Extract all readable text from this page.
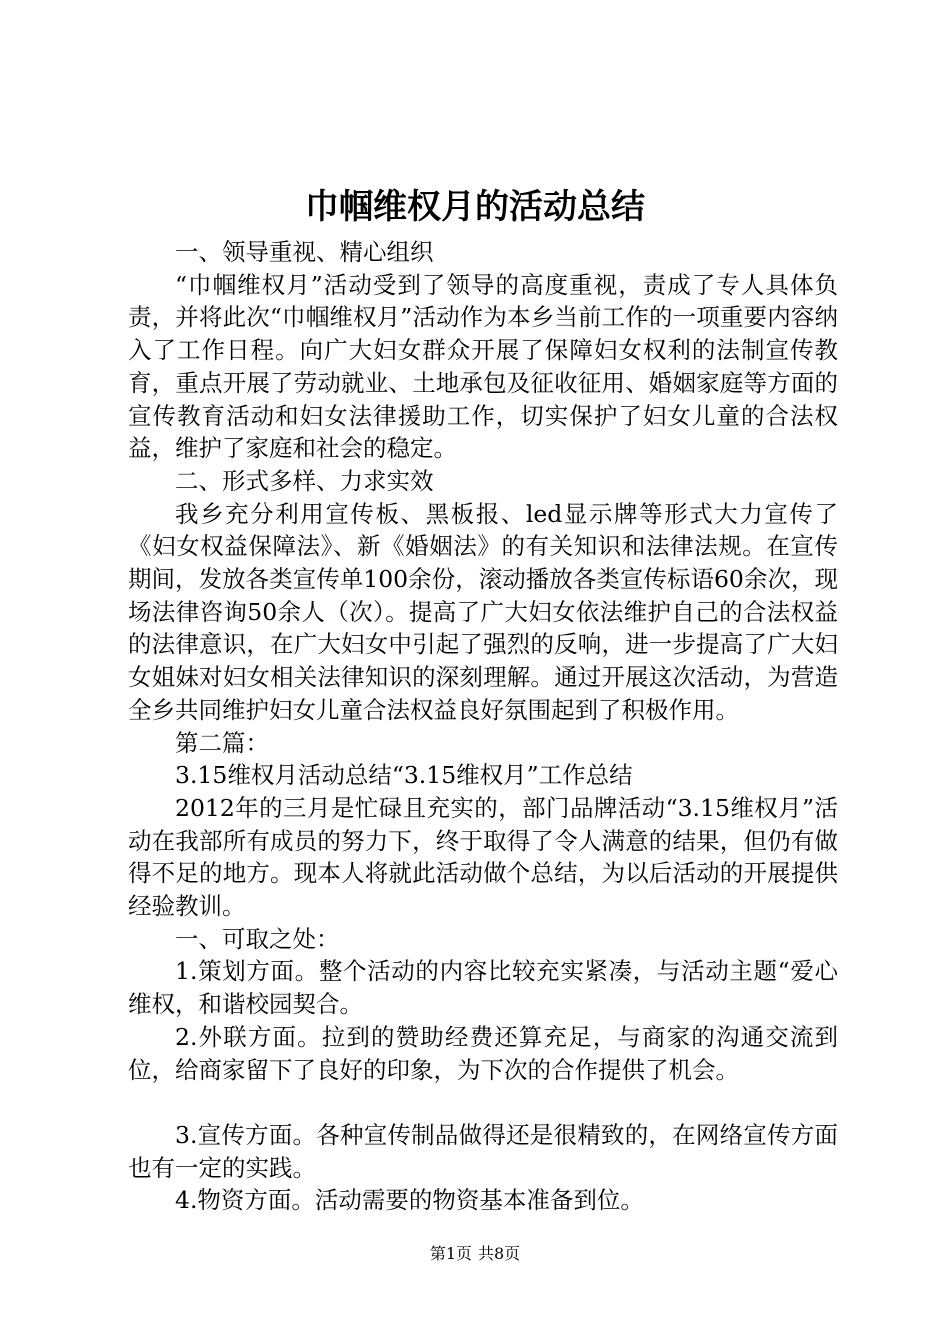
巾帼维权月的活动总结

一、领导重视、精心组织

“巾帼维权月”活动受到了领导的高度重视，责成了专人具体负责，并将此次“巾帼维权月”活动作为本乡当前工作的一项重要内容纳入了工作日程。向广大妇女群众开展了保障妇女权利的法制宣传教育，重点开展了劳动就业、土地承包及征收征用、婚姻家庭等方面的宣传教育活动和妇女法律援助工作，切实保护了妇女儿童的合法权益，维护了家庭和社会的稳定。

二、形式多样、力求实效

我乡充分利用宣传板、黑板报、led显示牌等形式大力宣传了《妇女权益保障法》、新《婚姻法》的有关知识和法律法规。在宣传期间，发放各类宣传单100余份，滚动播放各类宣传标语60余次，现场法律咨询50余人（次）。提高了广大妇女依法维护自己的合法权益的法律意识，在广大妇女中引起了强烈的反响，进一步提高了广大妇女姐妹对妇女相关法律知识的深刻理解。通过开展这次活动，为营造全乡共同维护妇女儿童合法权益良好氛围起到了积极作用。

第二篇：

3.15维权月活动总结“3.15维权月”工作总结

2012年的三月是忙碌且充实的，部门品牌活动“3.15维权月”活动在我部所有成员的努力下，终于取得了令人满意的结果，但仍有做得不足的地方。现本人将就此活动做个总结，为以后活动的开展提供经验教训。

一、可取之处：

1.策划方面。整个活动的内容比较充实紧凑，与活动主题“爱心维权，和谐校园契合。

2.外联方面。拉到的赞助经费还算充足，与商家的沟通交流到位，给商家留下了良好的印象，为下次的合作提供了机会。

3.宣传方面。各种宣传制品做得还是很精致的，在网络宣传方面也有一定的实践。

4.物资方面。活动需要的物资基本准备到位。

第1页 共8页
